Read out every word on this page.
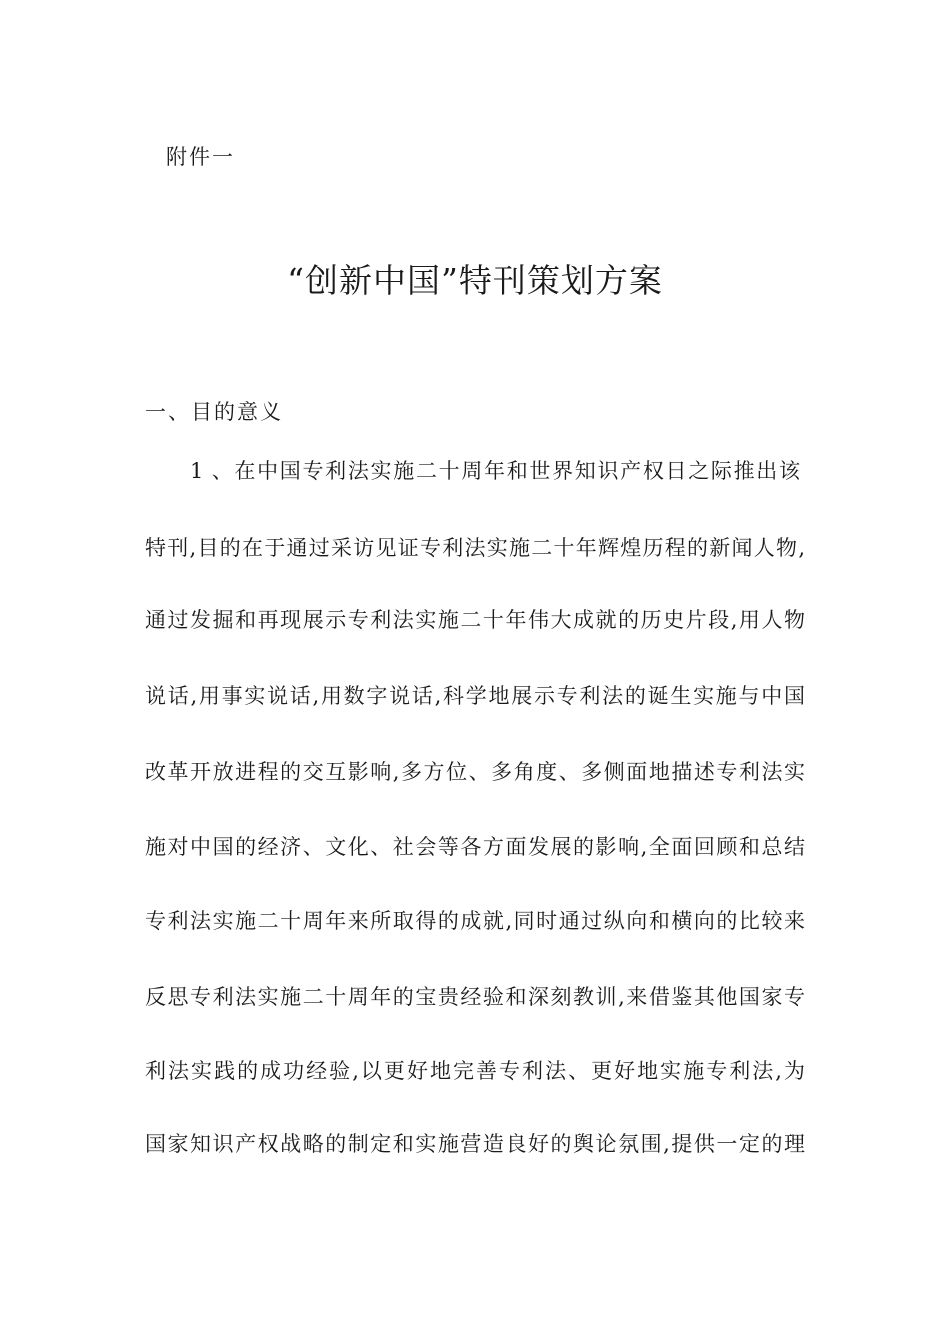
附件一
“创新中国”特刊策划方案
一、目的意义
1 、在中国专利法实施二十周年和世界知识产权日之际推出该
特刊,目的在于通过采访见证专利法实施二十年辉煌历程的新闻人物,
通过发掘和再现展示专利法实施二十年伟大成就的历史片段,用人物
说话,用事实说话,用数字说话,科学地展示专利法的诞生实施与中国
改革开放进程的交互影响,多方位、多角度、多侧面地描述专利法实
施对中国的经济、文化、社会等各方面发展的影响,全面回顾和总结
专利法实施二十周年来所取得的成就,同时通过纵向和横向的比较来
反思专利法实施二十周年的宝贵经验和深刻教训,来借鉴其他国家专
利法实践的成功经验,以更好地完善专利法、更好地实施专利法,为
国家知识产权战略的制定和实施营造良好的舆论氛围,提供一定的理
